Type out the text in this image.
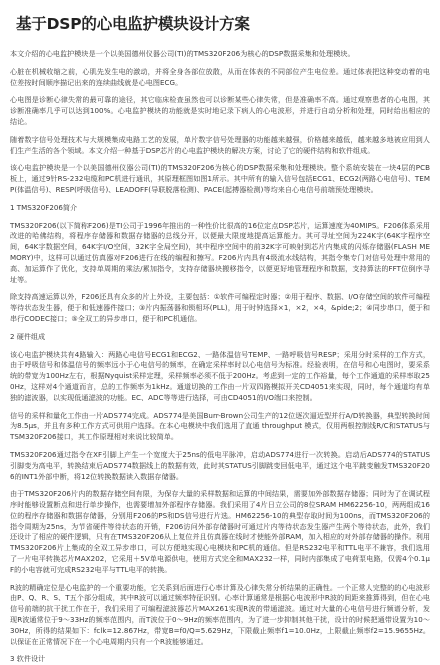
基于DSP的心电监护模块设计方案
本文介绍的心电监护模块是一个以美国德州仪器公司(TI)的TMS320F206为核心的DSP数据采集和处理模块。
心脏在机械收缩之前，心肌先发生电的激动，并将全身各部位放散，从而在体表的不同部位产生电位差。通过体表把这种变动着的电位差按时间顺序描记出来的连续曲线就是心电图ECG。
心电图是诊断心律失常的最可靠的途径，其它临床检查虽然也可以诊断某些心律失常，但是准确率不高。通过观察患者的心电图，其诊断准确率几乎可以达到100%。心电监护模块的功能就是实时地记录下病人的心电波形，并进行自动分析和处理，同时给出相应的结论。
随着数字信号处理技术与大规模集成电路工艺的发展，单片数字信号处理器的功能越来越强，价格越来越低，越来越多地被应用到人们生产生活的各个领域。本文介绍一种基于DSP芯片的心电监护模块的解决方案，讨论了它的硬件结构和软件组成。
该心电监护模块是一个以美国德州仪器公司(TI)的TMS320F206为核心的DSP数据采集和处理模块。整个系统安装在一块4层的PCB板上，通过9针RS-232电缆和PC机进行通讯，其原理框图如图1所示。其中所有的输入信号包括ECG1、ECG2(两路心电信号)、TEMP(体温信号)、RESP(呼吸信号)、LEADOFF(导联脱落检测)、PACE(起搏器检测)等均来自心电信号前端预处理模块。
1 TMS320F206简介
TMS320F206(以下简称F206)是TI公司于1996年推出的一种性价比很高的16位定点DSP芯片，运算速度为40MIPS。F206体系采用改进的哈佛结构，将程序存储器和数据存储器的总线分开，以便最大限度地提高运算能力。其可寻址空间为224K字(64K字程序空间，64K字数据空间，64K字I/O空间，32K字全局空间)，其中程序空间中的前32K字可映射到芯片内集成的闪烁存储器(FLASH MEMORY)中，这样可以通过仿真器对F206进行在线的编程和擦写。F206片内具有4级流水线结构，其指令集专门对信号处理中常用的高、加运算作了优化，支持单周期的乘法/累加指令，支持存储器块搬移指令，以便更好地管理程序和数据，支持算法的FFT位倒序寻址等。
除支持高速运算以外，F206还具有众多的片上外设，主要包括：①软件可编程定时器；②用于程序、数据、I/O存储空间的软件可编程等待状态发生器，便于和低速器件接口；③片内振荡器和锁相环(PLL)，用于时钟选择×1，×2，×4，&pide;2；④同步串口，便于和串行CODEC接口；⑤全双工的异步串口，便于和PC机通信。
2 硬件组成
该心电监护模块共有4路输入：两路心电信号ECG1和ECG2、一路体温信号TEMP、一路呼吸信号RESP；采用分时采样的工作方式，由于呼吸信号和体温信号的频率远小于心电信号的频率，在确定采样率时以心电信号为标准。经验表明，在信号和心电图时，要采系统的带宽为100Hz左右，根据Nyquist采样定理，采样频率必须不低于200Hz。考虑到一定的工作裕量，每个工作通道的采样率取250Hz，这样对4个通道而言，总的工作频率为1kHz。通道切换的工作由一片双四路模拟开关CD4051来实现，同时，每个通道均有单独的滤波器，以实现低通滤波的功能。EC、ADC等等进行选择，可由CD4051的I/O端口来控制。
信号的采样和量化工作由一片ADS774完成。ADS774是美国Burr-Brown公司生产的12位逐次逼近型并行A/D转换器，典型转换时间为8.5μs，并且有多种工作方式可供用户选择。在本心电模块中我们选用了直通 throughput 模式，仅用两根控制线R/C和STATUS与TSM320F206接口，其工作原理相对来说比较简单。
TMS320F206通过指令在XF引脚上产生一个宽度大于25ns的低电平脉冲，启动ADS774进行一次转换。启动后ADS774的STATUS引脚变为高电平，转换结束后ADS774数据线上的数据有效，此时其STATUS引脚跳变回低电平，通过这个电平跳变触发TMS320F206的INT1外部中断，将12位转换数据读入数据存储器。
由于TMS320F206片内的数据存储空间有限，为保存大量的采样数据和运算的中间结果，需要加外部数据存储器；同时为了在调试程序时能够设置断点和进行单步操作，也需要增加外部程序存储器。我们采用了4片日立公司的8位SRAM HM62256-10，两两组成16位的程序存储器和数据存储器，分别用F206的PS和DS信号进行片选。HM62256-10的典型存取时间为100ns，而TMS320F206的指令周期为25ns，为节省硬件等待状态的开销，F206访问外部存储器时可通过片内等待状态发生器产生两个等待状态，此外，我们还设计了相应的硬件逻辑，只有在TMS320F206从上复位并且仿真器在线时才使能外部RAM，加入相应的对外部存储器的操作。利用TMS320F206片上集成的全双工异步串口，可以方便地实现心电模块和PC机的通信。但是RS232电平和TTL电平不兼容，我们选用了一片电平转换芯片MAX202，它采用＋5V单电源供电，使用方式完全和MAX232一样，同时内部集成了电荷泵电路，仅需4个0.1μF的小电容就可完成RS232电平与TTL电平的转换。
R波的精确定位是心电监护的一个重要功能，它关系到后面进行心率计算及心律失常分析结果的正确性。一个正常人完整的的心电波形由P、Q、R、S、T五个部分组成，其中R波可以通过频率特征识别。心率计算通常是根据心电波形中R波的间距来推算得到，但在心电信号前端的抗干扰工作在于，我们采用了可编程滤波器芯片MAX261实现R波的带通滤波。通过对大量的心电信号进行频谱分析，发现R波通常位于9～33Hz的频率范围内，而T波位于0～9Hz的频率范围内，为了进一步抑制其他干扰，设计的时候把通带设置为10～30Hz，所得的结果如下：fclk=12.867Hz，带宽B=f0/Q=5.629Hz，下限截止频率f1=10.0Hz，上限截止频率f2=15.9655Hz。以保证在正常情况下在一个心电周期内只有一个R波能够通过。
3 软件设计
